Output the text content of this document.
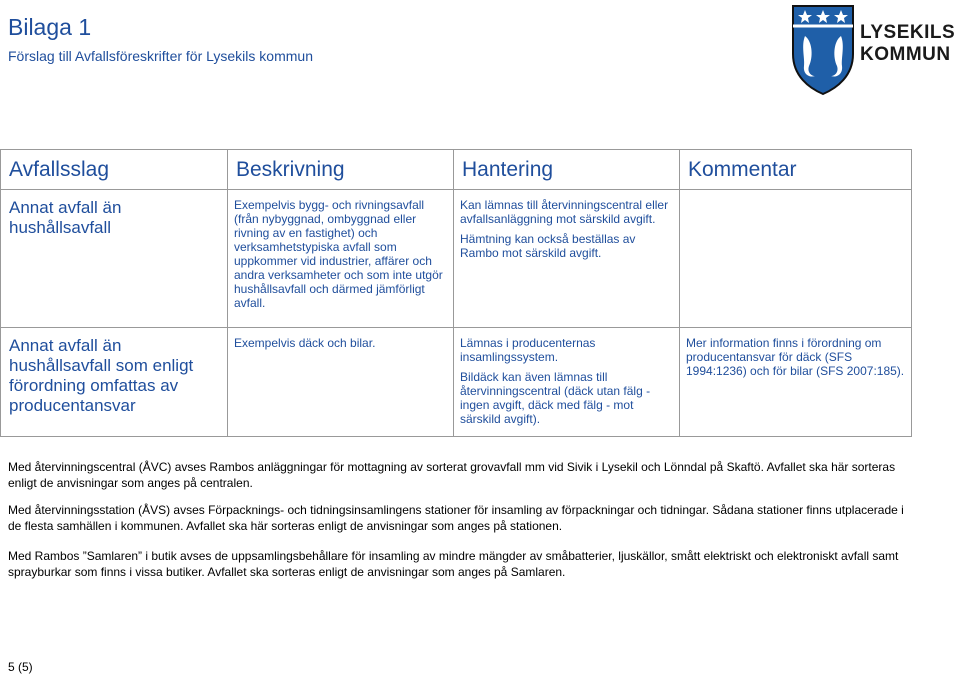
Bilaga 1
Förslag till Avfallsföreskrifter för Lysekils kommun
LYSEKILS
KOMMUN
Avfallsslag	Beskrivning	Hantering	Kommentar
Annat avfall än hushållsavfall	Exempelvis bygg- och rivningsavfall (från nybyggnad, ombyggnad eller rivning av en fastighet) och verksamhetstypiska avfall som uppkommer vid industrier, affärer och andra verksamheter och som inte utgör hushållsavfall och därmed jämförligt avfall.	Kan lämnas till återvinningscentral eller avfallsanläggning mot särskild avgift.

Hämtning kan också beställas av Rambo mot särskild avgift.	

Annat avfall än hushållsavfall som enligt förordning omfattas av producentansvar	Exempelvis däck och bilar.	Lämnas i producenternas insamlingssystem.

Bildäck kan även lämnas till återvinningscentral (däck utan fälg - ingen avgift, däck med fälg - mot särskild avgift).	Mer information finns i förordning om producentansvar för däck (SFS 1994:1236) och för bilar (SFS 2007:185).
Med återvinningscentral (ÅVC) avses Rambos anläggningar för mottagning av sorterat grovavfall mm vid Sivik i Lysekil och Lönndal på Skaftö. Avfallet ska här sorteras enligt de anvisningar som anges på centralen.
Med återvinningsstation (ÅVS) avses Förpacknings- och tidningsinsamlingens stationer för insamling av förpackningar och tidningar. Sådana stationer finns utplacerade i de flesta samhällen i kommunen. Avfallet ska här sorteras enligt de anvisningar som anges på stationen.
Med Rambos ”Samlaren” i butik avses de uppsamlingsbehållare för insamling av mindre mängder av småbatterier, ljuskällor, smått elektriskt och elektroniskt avfall samt sprayburkar som finns i vissa butiker. Avfallet ska sorteras enligt de anvisningar som anges på Samlaren.
5 (5)
